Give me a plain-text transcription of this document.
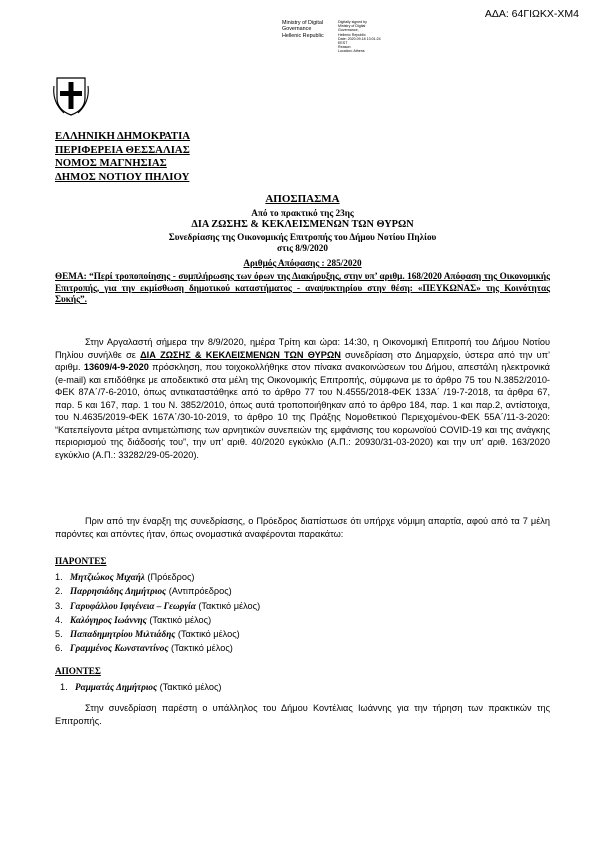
ΑΔΑ: 64ΓΙΩΚΧ-ΧΜ4
Ministry of Digital
Governance
Hellenic Republic
Digitally signed by
Ministry of Digital
Governance,
Hellenic Republic
Date: 2020.09.18 13:01:24
EEST
Reason:
Location: Athens
ΕΛΛΗΝΙΚΗ ΔΗΜΟΚΡΑΤΙΑ
ΠΕΡΙΦΕΡΕΙΑ ΘΕΣΣΑΛΙΑΣ
ΝΟΜΟΣ ΜΑΓΝΗΣΙΑΣ
ΔΗΜΟΣ ΝΟΤΙΟΥ ΠΗΛΙΟΥ
ΑΠΟΣΠΑΣΜΑ
Από το πρακτικό της 23ης
ΔΙΑ ΖΩΣΗΣ & ΚΕΚΛΕΙΣΜΕΝΩΝ ΤΩΝ ΘΥΡΩΝ
Συνεδρίασης της Οικονομικής Επιτροπής του Δήμου Νοτίου Πηλίου
στις 8/9/2020
Αριθμός Απόφασης : 285/2020
ΘΕΜΑ: “Περί τροποποίησης - συμπλήρωσης των όρων της Διακήρυξης, στην υπ’ αριθμ. 168/2020 Απόφαση της Οικονομικής Επιτροπής, για την εκμίσθωση δημοτικού καταστήματος - αναψυκτηρίου στην θέση: «ΠΕΥΚΩΝΑΣ» της Κοινότητας Συκής”.
Στην Αργαλαστή σήμερα την 8/9/2020, ημέρα Τρίτη και ώρα: 14:30, η Οικονομική Επιτροπή του Δήμου Νοτίου Πηλίου συνήλθε σε ΔΙΑ ΖΩΣΗΣ & ΚΕΚΛΕΙΣΜΕΝΩΝ ΤΩΝ ΘΥΡΩΝ συνεδρίαση στο Δημαρχείο, ύστερα από την υπ’ αριθμ. 13609/4-9-2020 πρόσκληση, που τοιχοκολλήθηκε στον πίνακα ανακοινώσεων του Δήμου, απεστάλη ηλεκτρονικά (e-mail) και επιδόθηκε με αποδεικτικό στα μέλη της Οικονομικής Επιτροπής, σύμφωνα με το άρθρο 75 του Ν.3852/2010-ΦΕΚ 87Α΄/7-6-2010, όπως αντικαταστάθηκε από το άρθρο 77 του Ν.4555/2018-ΦΕΚ 133Α΄ /19-7-2018, τα άρθρα 67, παρ. 5 και 167, παρ. 1 του Ν. 3852/2010, όπως αυτά τροποποιήθηκαν από το άρθρο 184, παρ. 1 και παρ.2, αντίστοιχα, του Ν.4635/2019-ΦΕΚ 167Α΄/30-10-2019, το άρθρο 10 της Πράξης Νομοθετικού Περιεχομένου-ΦΕΚ 55Α΄/11-3-2020: “Κατεπείγοντα μέτρα αντιμετώπισης των αρνητικών συνεπειών της εμφάνισης του κορωνοϊού COVID-19 και της ανάγκης περιορισμού της διάδοσής του”, την υπ’ αριθ. 40/2020 εγκύκλιο (Α.Π.: 20930/31-03-2020) και την υπ’ αριθ. 163/2020 εγκύκλιο (Α.Π.: 33282/29-05-2020).
Πριν από την έναρξη της συνεδρίασης, ο Πρόεδρος διαπίστωσε ότι υπήρχε νόμιμη απαρτία, αφού από τα 7 μέλη παρόντες και απόντες ήταν, όπως ονομαστικά αναφέρονται παρακάτω:
ΠΑΡΟΝΤΕΣ
1. Μητζιώκος Μιχαήλ (Πρόεδρος)
2. Παρρησιάδης Δημήτριος (Αντιπρόεδρος)
3. Γαρυφάλλου Ιφιγένεια – Γεωργία (Τακτικό μέλος)
4. Καλόγηρος Ιωάννης (Τακτικό μέλος)
5. Παπαδημητρίου Μιλτιάδης (Τακτικό μέλος)
6. Γραμμένος Κωνσταντίνος (Τακτικό μέλος)
ΑΠΟΝΤΕΣ
1. Ραμματάς Δημήτριος (Τακτικό μέλος)
Στην συνεδρίαση παρέστη ο υπάλληλος του Δήμου Κοντέλιας Ιωάννης για την τήρηση των πρακτικών της Επιτροπής.
